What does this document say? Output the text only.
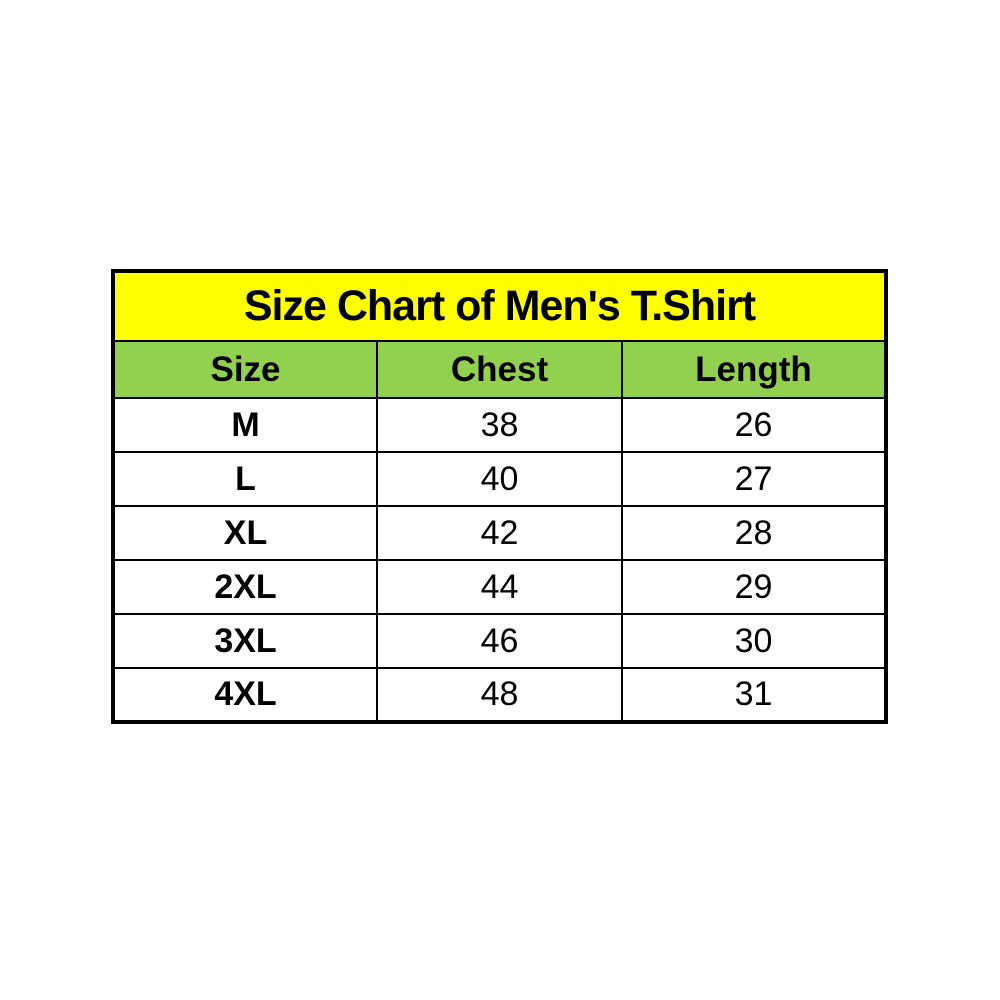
Size Chart of Men's T.Shirt		
Size	Chest	Length
M	38	26
L	40	27
XL	42	28
2XL	44	29
3XL	46	30
4XL	48	31
